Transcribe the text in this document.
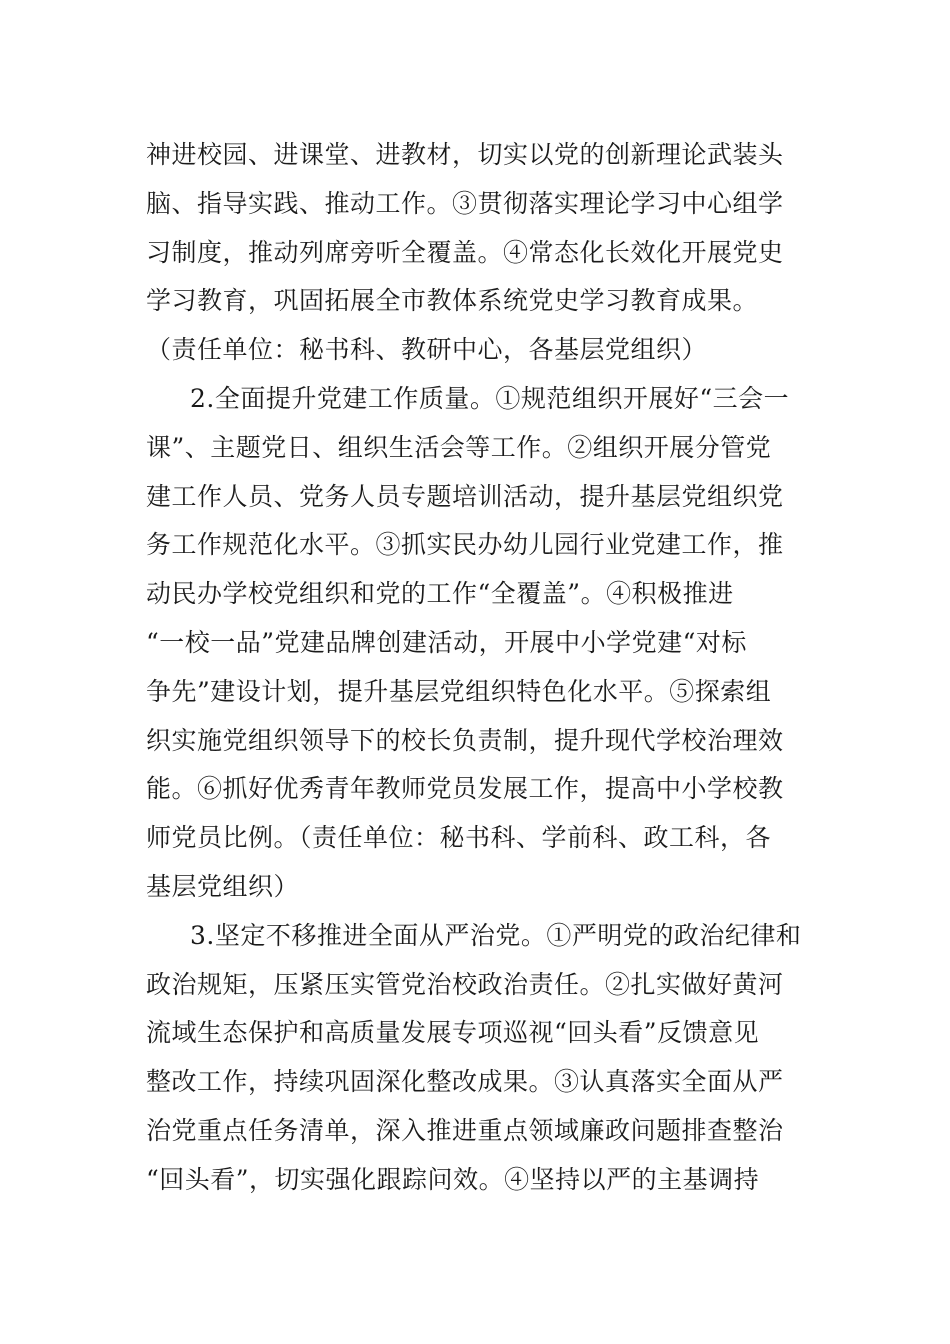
神进校园、进课堂、进教材，切实以党的创新理论武装头
脑、指导实践、推动工作。③贯彻落实理论学习中心组学
习制度，推动列席旁听全覆盖。④常态化长效化开展党史
学习教育，巩固拓展全市教体系统党史学习教育成果。
（责任单位：秘书科、教研中心，各基层党组织）
2.全面提升党建工作质量。①规范组织开展好“三会一
课”、主题党日、组织生活会等工作。②组织开展分管党
建工作人员、党务人员专题培训活动，提升基层党组织党
务工作规范化水平。③抓实民办幼儿园行业党建工作，推
动民办学校党组织和党的工作“全覆盖”。④积极推进
“一校一品”党建品牌创建活动，开展中小学党建“对标
争先”建设计划，提升基层党组织特色化水平。⑤探索组
织实施党组织领导下的校长负责制，提升现代学校治理效
能。⑥抓好优秀青年教师党员发展工作，提高中小学校教
师党员比例。（责任单位：秘书科、学前科、政工科，各
基层党组织）
3.坚定不移推进全面从严治党。①严明党的政治纪律和
政治规矩，压紧压实管党治校政治责任。②扎实做好黄河
流域生态保护和高质量发展专项巡视“回头看”反馈意见
整改工作，持续巩固深化整改成果。③认真落实全面从严
治党重点任务清单，深入推进重点领域廉政问题排查整治
“回头看”，切实强化跟踪问效。④坚持以严的主基调持
